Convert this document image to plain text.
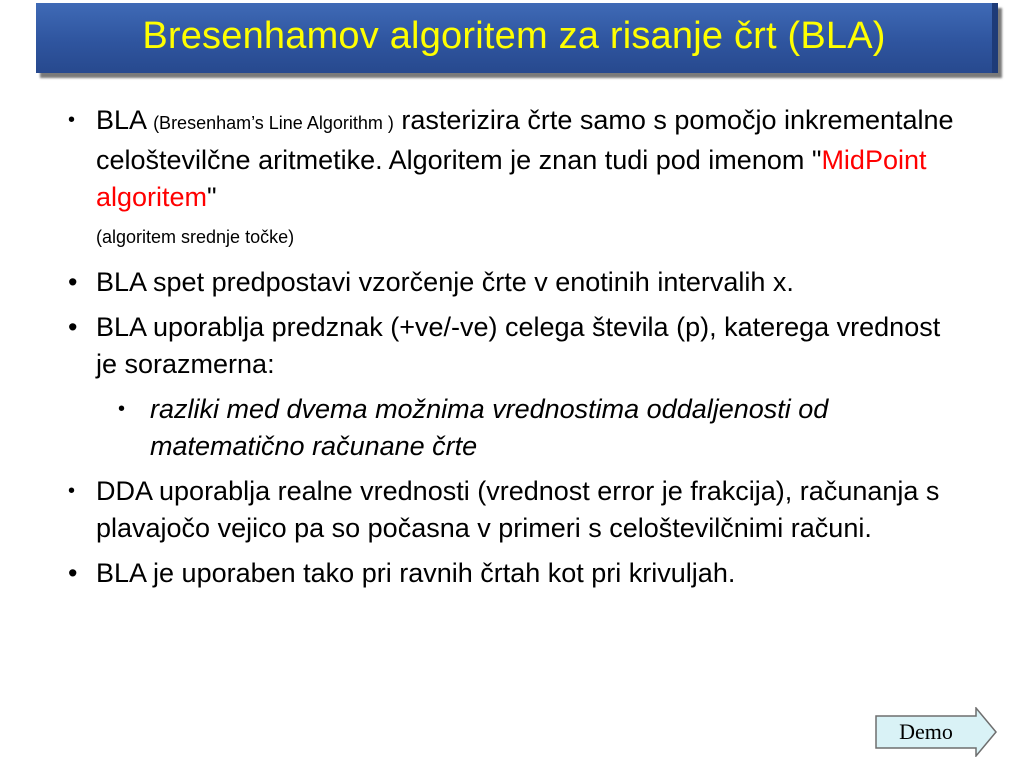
Bresenhamov algoritem za risanje črt (BLA)
• BLA (Bresenham’s Line Algorithm ) rasterizira črte samo s pomočjo inkrementalne celoštevilčne aritmetike. Algoritem je znan tudi pod imenom "MidPoint algoritem"
(algoritem srednje točke)
• BLA spet predpostavi vzorčenje črte v enotinih intervalih x.
• BLA uporablja predznak (+ve/-ve) celega števila (p), katerega vrednost je sorazmerna:
• razliki med dvema možnima vrednostima oddaljenosti od matematično računane črte
• DDA uporablja realne vrednosti (vrednost error je frakcija), računanja s plavajočo vejico pa so počasna v primeri s celoštevilčnimi računi.
• BLA je uporaben tako pri ravnih črtah kot pri krivuljah.
Demo
